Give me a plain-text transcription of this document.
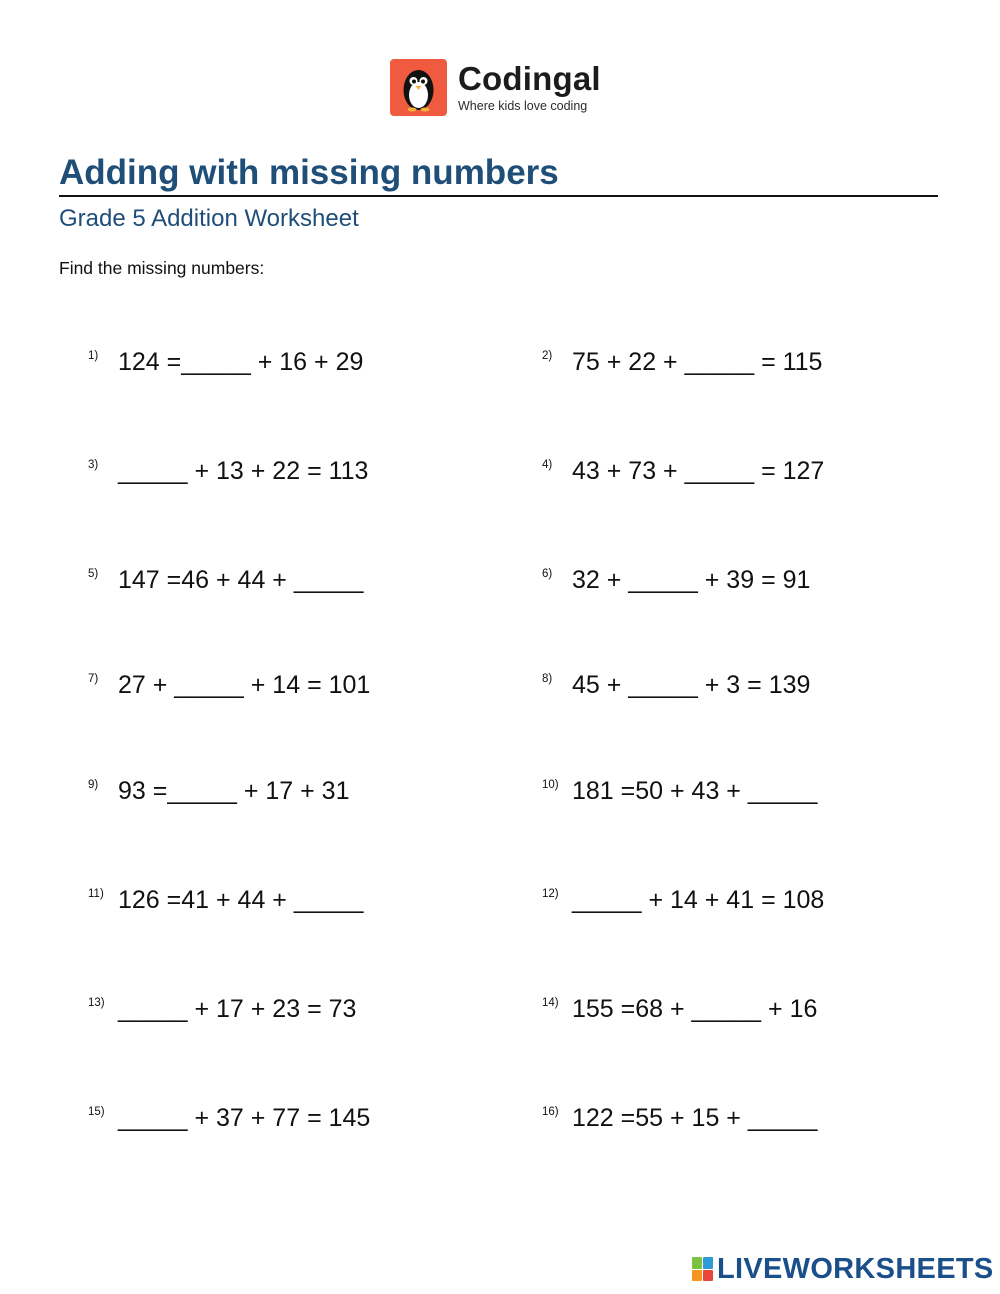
Codingal
Where kids love coding
Adding with missing numbers
Grade 5 Addition Worksheet
Find the missing numbers:
1) 124 =_____ + 16 + 29	2) 75 + 22 + _____ = 115
3) _____ + 13 + 22 = 113	4) 43 + 73 + _____ = 127
5) 147 =46 + 44 + _____	6) 32 + _____ + 39 = 91
7) 27 + _____ + 14 = 101	8) 45 + _____ + 3 = 139
9) 93 =_____ + 17 + 31	10) 181 =50 + 43 + _____
11) 126 =41 + 44 + _____	12) _____ + 14 + 41 = 108
13) _____ + 17 + 23 = 73	14) 155 =68 + _____ + 16
15) _____ + 37 + 77 = 145	16) 122 =55 + 15 + _____
LIVEWORKSHEETS
